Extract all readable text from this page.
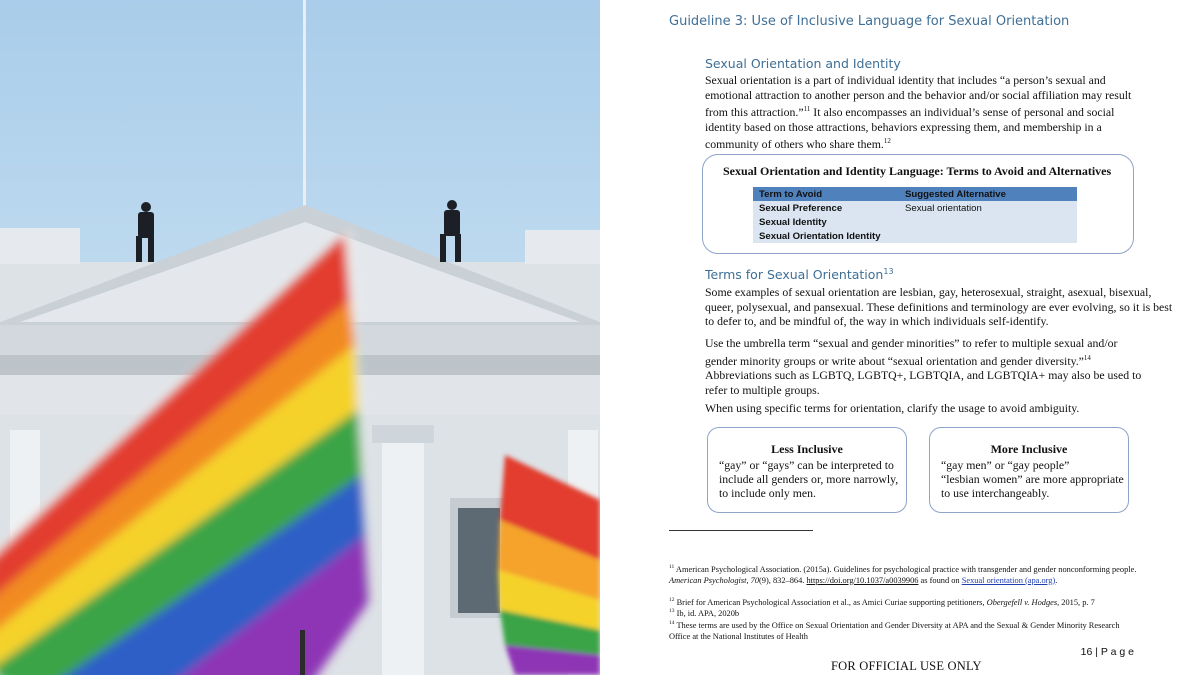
Guideline 3: Use of Inclusive Language for Sexual Orientation
Sexual Orientation and Identity
Sexual orientation is a part of individual identity that includes “a person’s sexual and emotional attraction to another person and the behavior and/or social affiliation may result from this attraction.”$^{11}$ It also encompasses an individual’s sense of personal and social identity based on those attractions, behaviors expressing them, and membership in a community of others who share them.$^{12}$
Sexual Orientation and Identity Language: Terms to Avoid and Alternatives
Term to Avoid	Suggested Alternative
Sexual Preference	Sexual orientation
Sexual Identity	
Sexual Orientation Identity	
Terms for Sexual Orientation$^{13}$
Some examples of sexual orientation are lesbian, gay, heterosexual, straight, asexual, bisexual, queer, polysexual, and pansexual. These definitions and terminology are ever evolving, so it is best to defer to, and be mindful of, the way in which individuals self-identify.
Use the umbrella term “sexual and gender minorities” to refer to multiple sexual and/or gender minority groups or write about “sexual orientation and gender diversity.”$^{14}$ Abbreviations such as LGBTQ, LGBTQ+, LGBTQIA, and LGBTQIA+ may also be used to refer to multiple groups.
When using specific terms for orientation, clarify the usage to avoid ambiguity.
Less Inclusive
“gay” or “gays” can be interpreted to include all genders or, more narrowly, to include only men.
More Inclusive
“gay men” or “gay people”
“lesbian women” are more appropriate to use interchangeably.
$^{11}$ American Psychological Association. (2015a). Guidelines for psychological practice with transgender and gender nonconforming people. American Psychologist, 70(9), 832–864. https://doi.org/10.1037/a0039906 as found on Sexual orientation (apa.org).
$^{12}$ Brief for American Psychological Association et al., as Amici Curiae supporting petitioners, Obergefell v. Hodges, 2015, p. 7
$^{13}$ Ib, id. APA, 2020b
$^{14}$ These terms are used by the Office on Sexual Orientation and Gender Diversity at APA and the Sexual & Gender Minority Research Office at the National Institutes of Health
16 | P a g e
FOR OFFICIAL USE ONLY
